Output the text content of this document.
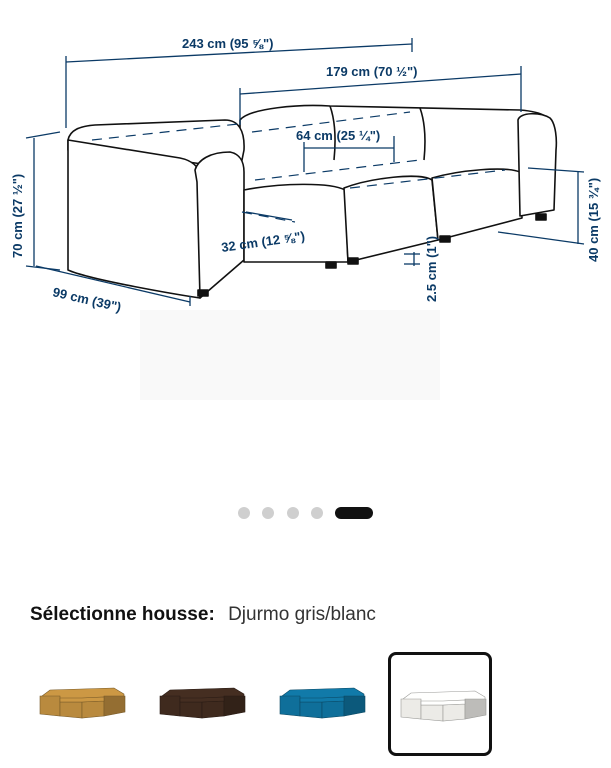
243 cm (95 ⅝")
179 cm (70 ½")
64 cm (25 ¼")
70 cm (27 ½")
99 cm (39")
32 cm (12 ⅝")	2.5 cm (1")
40 cm (15 ¾")
Sélectionne housse: Djurmo gris/blanc
